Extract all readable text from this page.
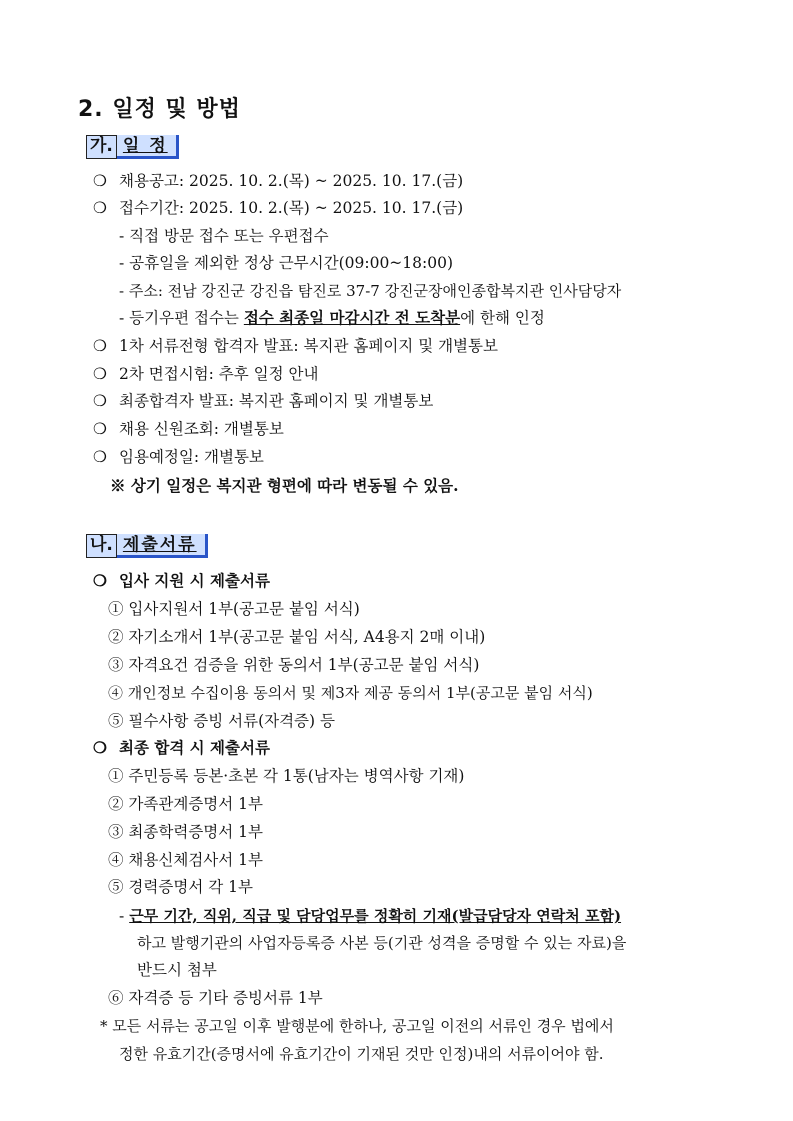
2. 일정 및 방법
가. 일 정
❍ 채용공고: 2025. 10. 2.(목) ~ 2025. 10. 17.(금)
❍ 접수기간: 2025. 10. 2.(목) ~ 2025. 10. 17.(금)
- 직접 방문 접수 또는 우편접수
- 공휴일을 제외한 정상 근무시간(09:00~18:00)
- 주소: 전남 강진군 강진읍 탐진로 37-7 강진군장애인종합복지관 인사담당자
- 등기우편 접수는 접수 최종일 마감시간 전 도착분에 한해 인정
❍ 1차 서류전형 합격자 발표: 복지관 홈페이지 및 개별통보
❍ 2차 면접시험: 추후 일정 안내
❍ 최종합격자 발표: 복지관 홈페이지 및 개별통보
❍ 채용 신원조회: 개별통보
❍ 임용예정일: 개별통보
※ 상기 일정은 복지관 형편에 따라 변동될 수 있음.
나. 제출서류
❍ 입사 지원 시 제출서류
① 입사지원서 1부(공고문 붙임 서식)
② 자기소개서 1부(공고문 붙임 서식, A4용지 2매 이내)
③ 자격요건 검증을 위한 동의서 1부(공고문 붙임 서식)
④ 개인정보 수집이용 동의서 및 제3자 제공 동의서 1부(공고문 붙임 서식)
⑤ 필수사항 증빙 서류(자격증) 등
❍ 최종 합격 시 제출서류
① 주민등록 등본·초본 각 1통(남자는 병역사항 기재)
② 가족관계증명서 1부
③ 최종학력증명서 1부
④ 채용신체검사서 1부
⑤ 경력증명서 각 1부
- 근무 기간, 직위, 직급 및 담당업무를 정확히 기재(발급담당자 연락처 포함)
하고 발행기관의 사업자등록증 사본 등(기관 성격을 증명할 수 있는 자료)을
반드시 첨부
⑥ 자격증 등 기타 증빙서류 1부
* 모든 서류는 공고일 이후 발행분에 한하나, 공고일 이전의 서류인 경우 법에서
정한 유효기간(증명서에 유효기간이 기재된 것만 인정)내의 서류이어야 함.
